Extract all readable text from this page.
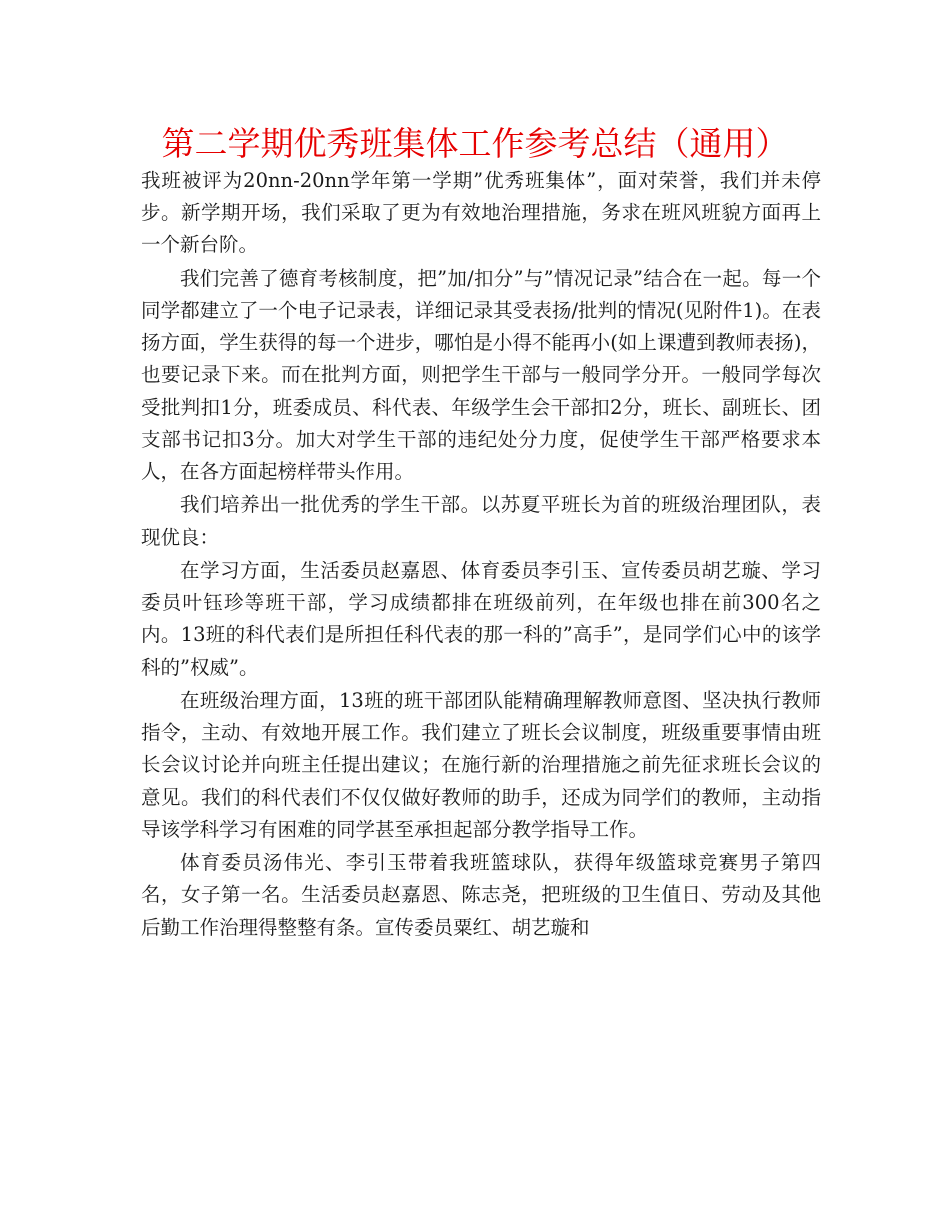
第二学期优秀班集体工作参考总结（通用）

我班被评为20nn-20nn学年第一学期”优秀班集体”，面对荣誉，我们并未停步。新学期开场，我们采取了更为有效地治理措施，务求在班风班貌方面再上一个新台阶。

我们完善了德育考核制度，把”加/扣分”与”情况记录”结合在一起。每一个同学都建立了一个电子记录表，详细记录其受表扬/批判的情况(见附件1)。在表扬方面，学生获得的每一个进步，哪怕是小得不能再小(如上课遭到教师表扬)，也要记录下来。而在批判方面，则把学生干部与一般同学分开。一般同学每次受批判扣1分，班委成员、科代表、年级学生会干部扣2分，班长、副班长、团支部书记扣3分。加大对学生干部的违纪处分力度，促使学生干部严格要求本人，在各方面起榜样带头作用。

我们培养出一批优秀的学生干部。以苏夏平班长为首的班级治理团队，表现优良：

在学习方面，生活委员赵嘉恩、体育委员李引玉、宣传委员胡艺璇、学习委员叶钰珍等班干部，学习成绩都排在班级前列，在年级也排在前300名之内。13班的科代表们是所担任科代表的那一科的”高手”，是同学们心中的该学科的”权威”。

在班级治理方面，13班的班干部团队能精确理解教师意图、坚决执行教师指令，主动、有效地开展工作。我们建立了班长会议制度，班级重要事情由班长会议讨论并向班主任提出建议；在施行新的治理措施之前先征求班长会议的意见。我们的科代表们不仅仅做好教师的助手，还成为同学们的教师，主动指导该学科学习有困难的同学甚至承担起部分教学指导工作。

体育委员汤伟光、李引玉带着我班篮球队，获得年级篮球竞赛男子第四名，女子第一名。生活委员赵嘉恩、陈志尧，把班级的卫生值日、劳动及其他后勤工作治理得整整有条。宣传委员粟红、胡艺璇和
